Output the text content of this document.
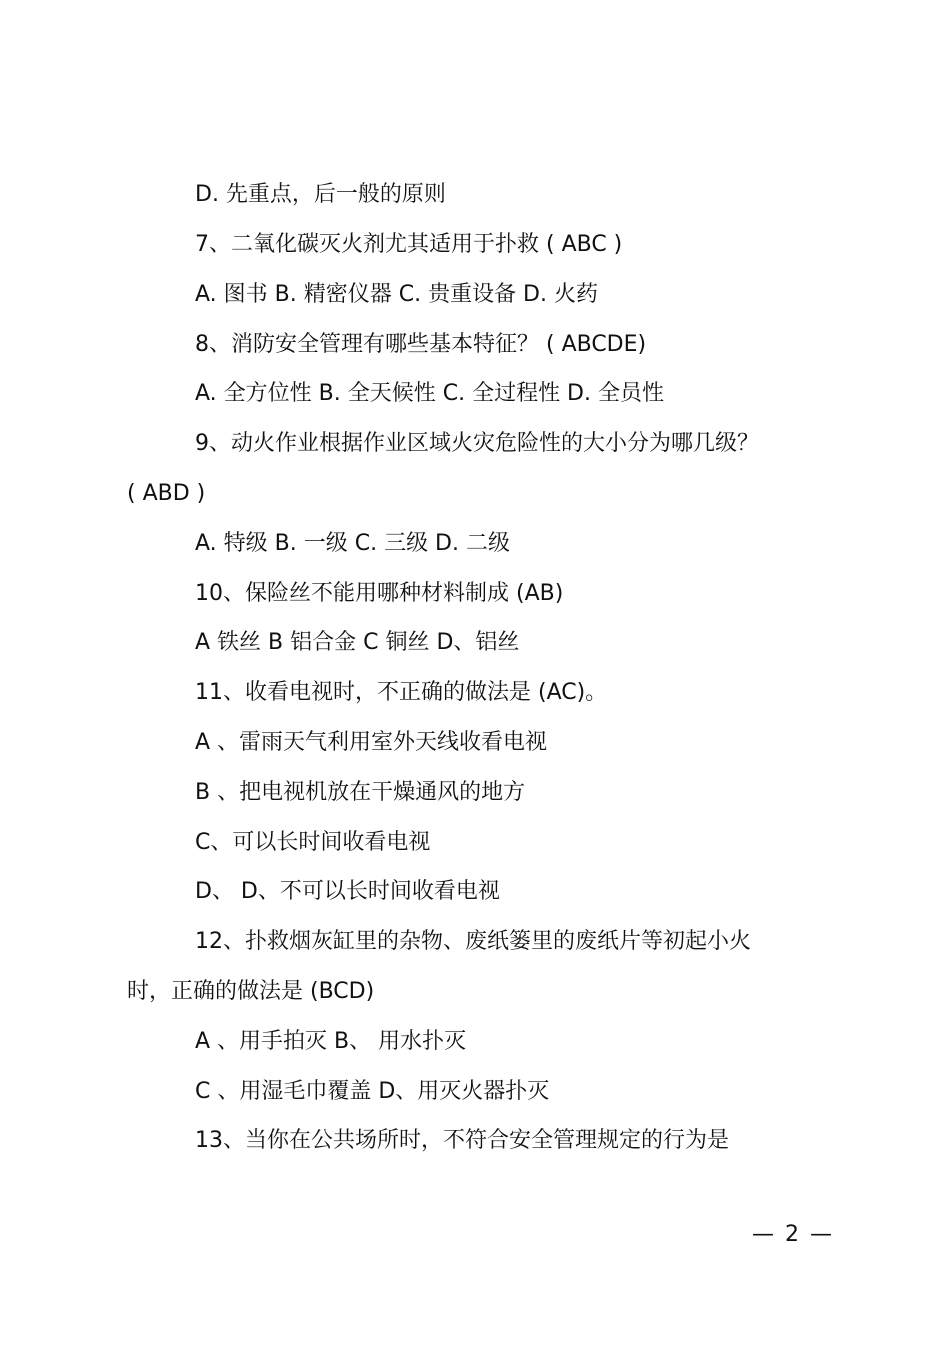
D. 先重点，后一般的原则
7、二氧化碳灭火剂尤其适用于扑救 ( ABC )
A. 图书 B. 精密仪器 C. 贵重设备 D. 火药
8、消防安全管理有哪些基本特征？ ( ABCDE)
A. 全方位性 B. 全天候性 C. 全过程性 D. 全员性
9、动火作业根据作业区域火灾危险性的大小分为哪几级？
( ABD )
A. 特级 B. 一级 C. 三级 D. 二级
10、保险丝不能用哪种材料制成 (AB)
A 铁丝 B 铝合金 C 铜丝 D、铝丝
11、收看电视时，不正确的做法是 (AC)。
A 、雷雨天气利用室外天线收看电视
B 、把电视机放在干燥通风的地方
C、可以长时间收看电视
D、 D、不可以长时间收看电视
12、扑救烟灰缸里的杂物、废纸篓里的废纸片等初起小火
时，正确的做法是 (BCD)
A 、用手拍灭 B、 用水扑灭
C 、用湿毛巾覆盖 D、用灭火器扑灭
13、当你在公共场所时，不符合安全管理规定的行为是
— 2 —
